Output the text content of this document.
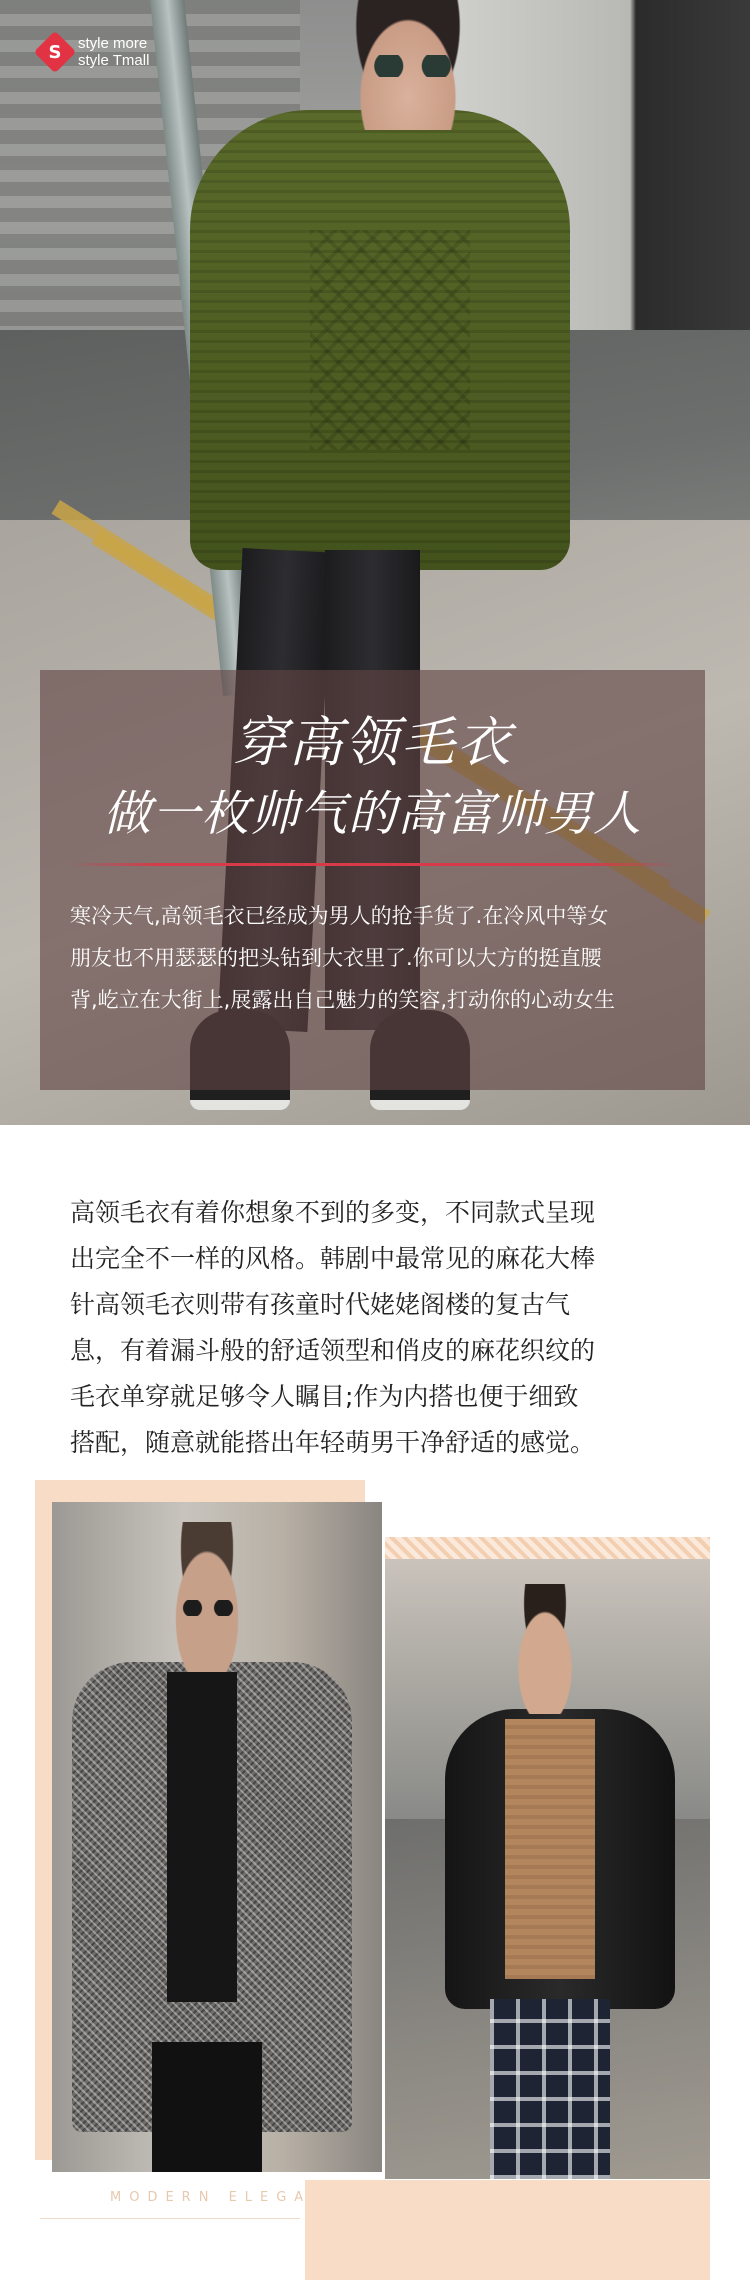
S style more
style Tmall
穿高领毛衣
做一枚帅气的高富帅男人
寒冷天气,高领毛衣已经成为男人的抢手货了.在冷风中等女
朋友也不用瑟瑟的把头钻到大衣里了.你可以大方的挺直腰
背,屹立在大街上,展露出自己魅力的笑容,打动你的心动女生
高领毛衣有着你想象不到的多变，不同款式呈现
出完全不一样的风格。韩剧中最常见的麻花大棒
针高领毛衣则带有孩童时代姥姥阁楼的复古气
息，有着漏斗般的舒适领型和俏皮的麻花织纹的
毛衣单穿就足够令人瞩目;作为内搭也便于细致
搭配，随意就能搭出年轻萌男干净舒适的感觉。
MODERN ELEGA
